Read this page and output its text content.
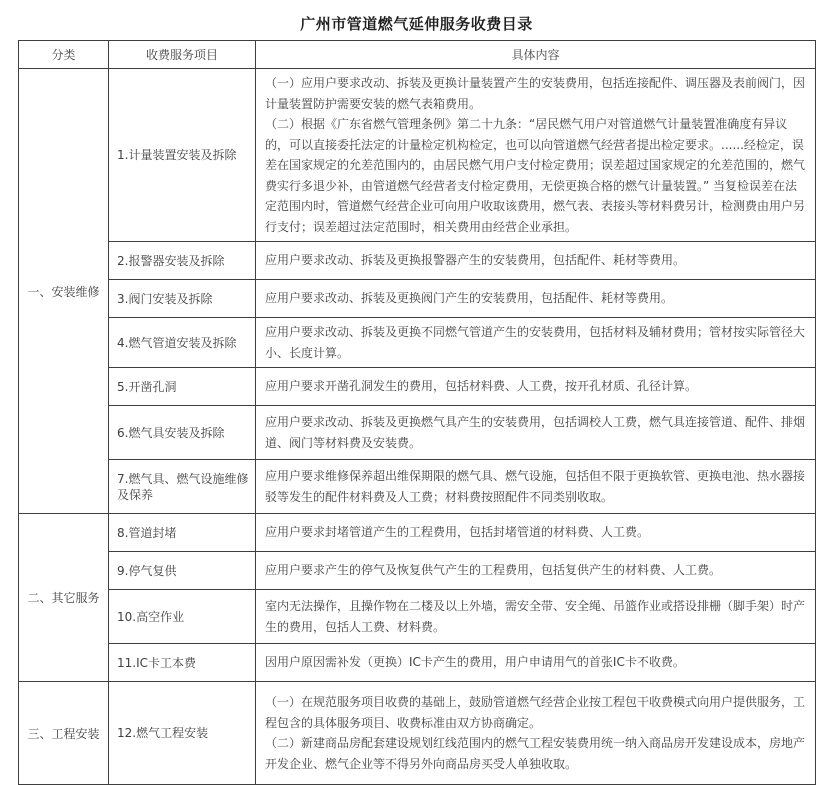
广州市管道燃气延伸服务收费目录
分类	收费服务项目	具体内容
一、安装维修	1.计量装置安装及拆除	（一）应用户要求改动、拆装及更换计量装置产生的安装费用，包括连接配件、调压器及表前阀门，因计量装置防护需要安装的燃气表箱费用。

（二）根据《广东省燃气管理条例》第二十九条：“居民燃气用户对管道燃气计量装置准确度有异议的，可以直接委托法定的计量检定机构检定，也可以向管道燃气经营者提出检定要求。......经检定，误差在国家规定的允差范围内的，由居民燃气用户支付检定费用；误差超过国家规定的允差范围的，燃气费实行多退少补，由管道燃气经营者支付检定费用，无偿更换合格的燃气计量装置。” 当复检误差在法定范围内时，管道燃气经营企业可向用户收取该费用，燃气表、表接头等材料费另计，检测费由用户另行支付；误差超过法定范围时，相关费用由经营企业承担。

	2.报警器安装及拆除	应用户要求改动、拆装及更换报警器产生的安装费用，包括配件、耗材等费用。

	3.阀门安装及拆除	应用户要求改动、拆装及更换阀门产生的安装费用，包括配件、耗材等费用。

	4.燃气管道安装及拆除	应用户要求改动、拆装及更换不同燃气管道产生的安装费用，包括材料及辅材费用；管材按实际管径大小、长度计算。

	5.开凿孔洞	应用户要求开凿孔洞发生的费用，包括材料费、人工费，按开孔材质、孔径计算。

	6.燃气具安装及拆除	应用户要求改动、拆装及更换燃气具产生的安装费用，包括调校人工费，燃气具连接管道、配件、排烟道、阀门等材料费及安装费。

	7.燃气具、燃气设施维修及保养	应用户要求维修保养超出维保期限的燃气具、燃气设施，包括但不限于更换软管、更换电池、热水器接驳等发生的配件材料费及人工费；材料费按照配件不同类别收取。

二、其它服务	8.管道封堵	应用户要求封堵管道产生的工程费用，包括封堵管道的材料费、人工费。

	9.停气复供	应用户要求产生的停气及恢复供气产生的工程费用，包括复供产生的材料费、人工费。

	10.高空作业	室内无法操作，且操作物在二楼及以上外墙，需安全带、安全绳、吊篮作业或搭设排栅（脚手架）时产生的费用，包括人工费、材料费。

	11.IC卡工本费	因用户原因需补发（更换）IC卡产生的费用，用户申请用气的首张IC卡不收费。

三、工程安装	12.燃气工程安装	（一）在规范服务项目收费的基础上，鼓励管道燃气经营企业按工程包干收费模式向用户提供服务，工程包含的具体服务项目、收费标准由双方协商确定。

（二）新建商品房配套建设规划红线范围内的燃气工程安装费用统一纳入商品房开发建设成本，房地产开发企业、燃气企业等不得另外向商品房买受人单独收取。
